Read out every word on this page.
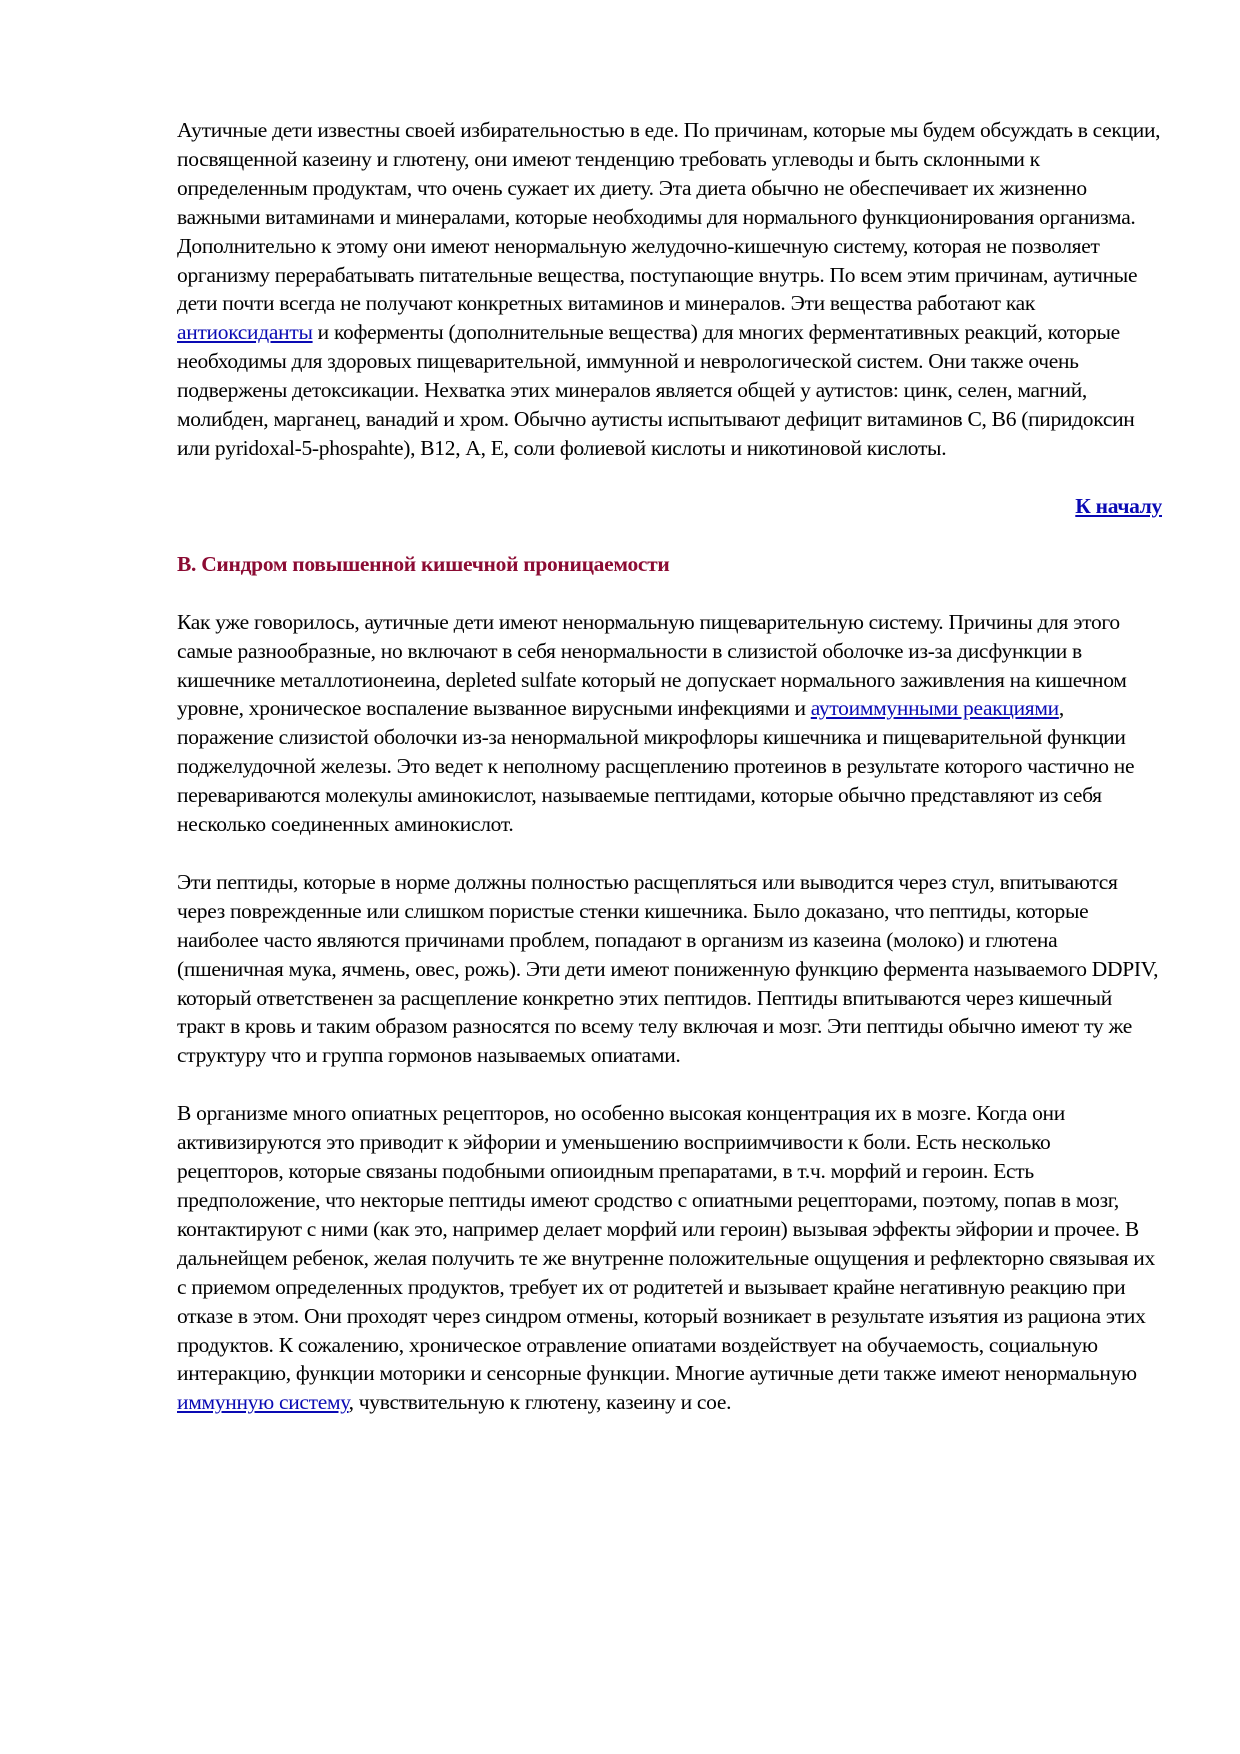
Аутичные дети известны своей избирательностью в еде. По причинам, которые мы будем обсуждать в секции, посвященной казеину и глютену, они имеют тенденцию требовать углеводы и быть склонными к определенным продуктам, что очень сужает их диету. Эта диета обычно не обеспечивает их жизненно важными витаминами и минералами, которые необходимы для нормального функционирования организма. Дополнительно к этому они имеют ненормальную желудочно-кишечную систему, которая не позволяет организму перерабатывать питательные вещества, поступающие внутрь. По всем этим причинам, аутичные дети почти всегда не получают конкретных витаминов и минералов. Эти вещества работают как антиоксиданты и коферменты (дополнительные вещества) для многих ферментативных реакций, которые необходимы для здоровых пищеварительной, иммунной и неврологической систем. Они также очень подвержены детоксикации. Нехватка этих минералов является общей у аутистов: цинк, селен, магний, молибден, марганец, ванадий и хром. Обычно аутисты испытывают дефицит витаминов С, В6 (пиридоксин или pyridoxal-5-phospahte), В12, А, Е, соли фолиевой кислоты и никотиновой кислоты.

К началу

B. Синдром повышенной кишечной проницаемости

Как уже говорилось, аутичные дети имеют ненормальную пищеварительную систему. Причины для этого самые разнообразные, но включают в себя ненормальности в слизистой оболочке из-за дисфункции в кишечнике металлотионеина, depleted sulfate который не допускает нормального заживления на кишечном уровне, хроническое воспаление вызванное вирусными инфекциями и аутоиммунными реакциями, поражение слизистой оболочки из-за ненормальной микрофлоры кишечника и пищеварительной функции поджелудочной железы. Это ведет к неполному расщеплению протеинов в результате которого частично не перевариваются молекулы аминокислот, называемые пептидами, которые обычно представляют из себя несколько соединенных аминокислот.

Эти пептиды, которые в норме должны полностью расщепляться или выводится через стул, впитываются через поврежденные или слишком пористые стенки кишечника. Было доказано, что пептиды, которые наиболее часто являются причинами проблем, попадают в организм из казеина (молоко) и глютена (пшеничная мука, ячмень, овес, рожь). Эти дети имеют пониженную функцию фермента называемого DDPIV, который ответственен за расщепление конкретно этих пептидов. Пептиды впитываются через кишечный тракт в кровь и таким образом разносятся по всему телу включая и мозг. Эти пептиды обычно имеют ту же структуру что и группа гормонов называемых опиатами.

В организме много опиатных рецепторов, но особенно высокая концентрация их в мозге. Когда они активизируются это приводит к эйфории и уменьшению восприимчивости к боли. Есть несколько рецепторов, которые связаны подобными опиоидным препаратами, в т.ч. морфий и героин. Есть предположение, что некторые пептиды имеют сродство с опиатными рецепторами, поэтому, попав в мозг, контактируют с ними (как это, например делает морфий или героин) вызывая эффекты эйфории и прочее. В дальнейщем ребенок, желая получить те же внутренне положительные ощущения и рефлекторно связывая их с приемом определенных продуктов, требует их от родитетей и вызывает крайне негативную реакцию при отказе в этом. Они проходят через синдром отмены, который возникает в результате изъятия из рациона этих продуктов. К сожалению, хроническое отравление опиатами воздействует на обучаемость, социальную интеракцию, функции моторики и сенсорные функции. Многие аутичные дети также имеют ненормальную иммунную систему, чувствительную к глютену, казеину и сое.
